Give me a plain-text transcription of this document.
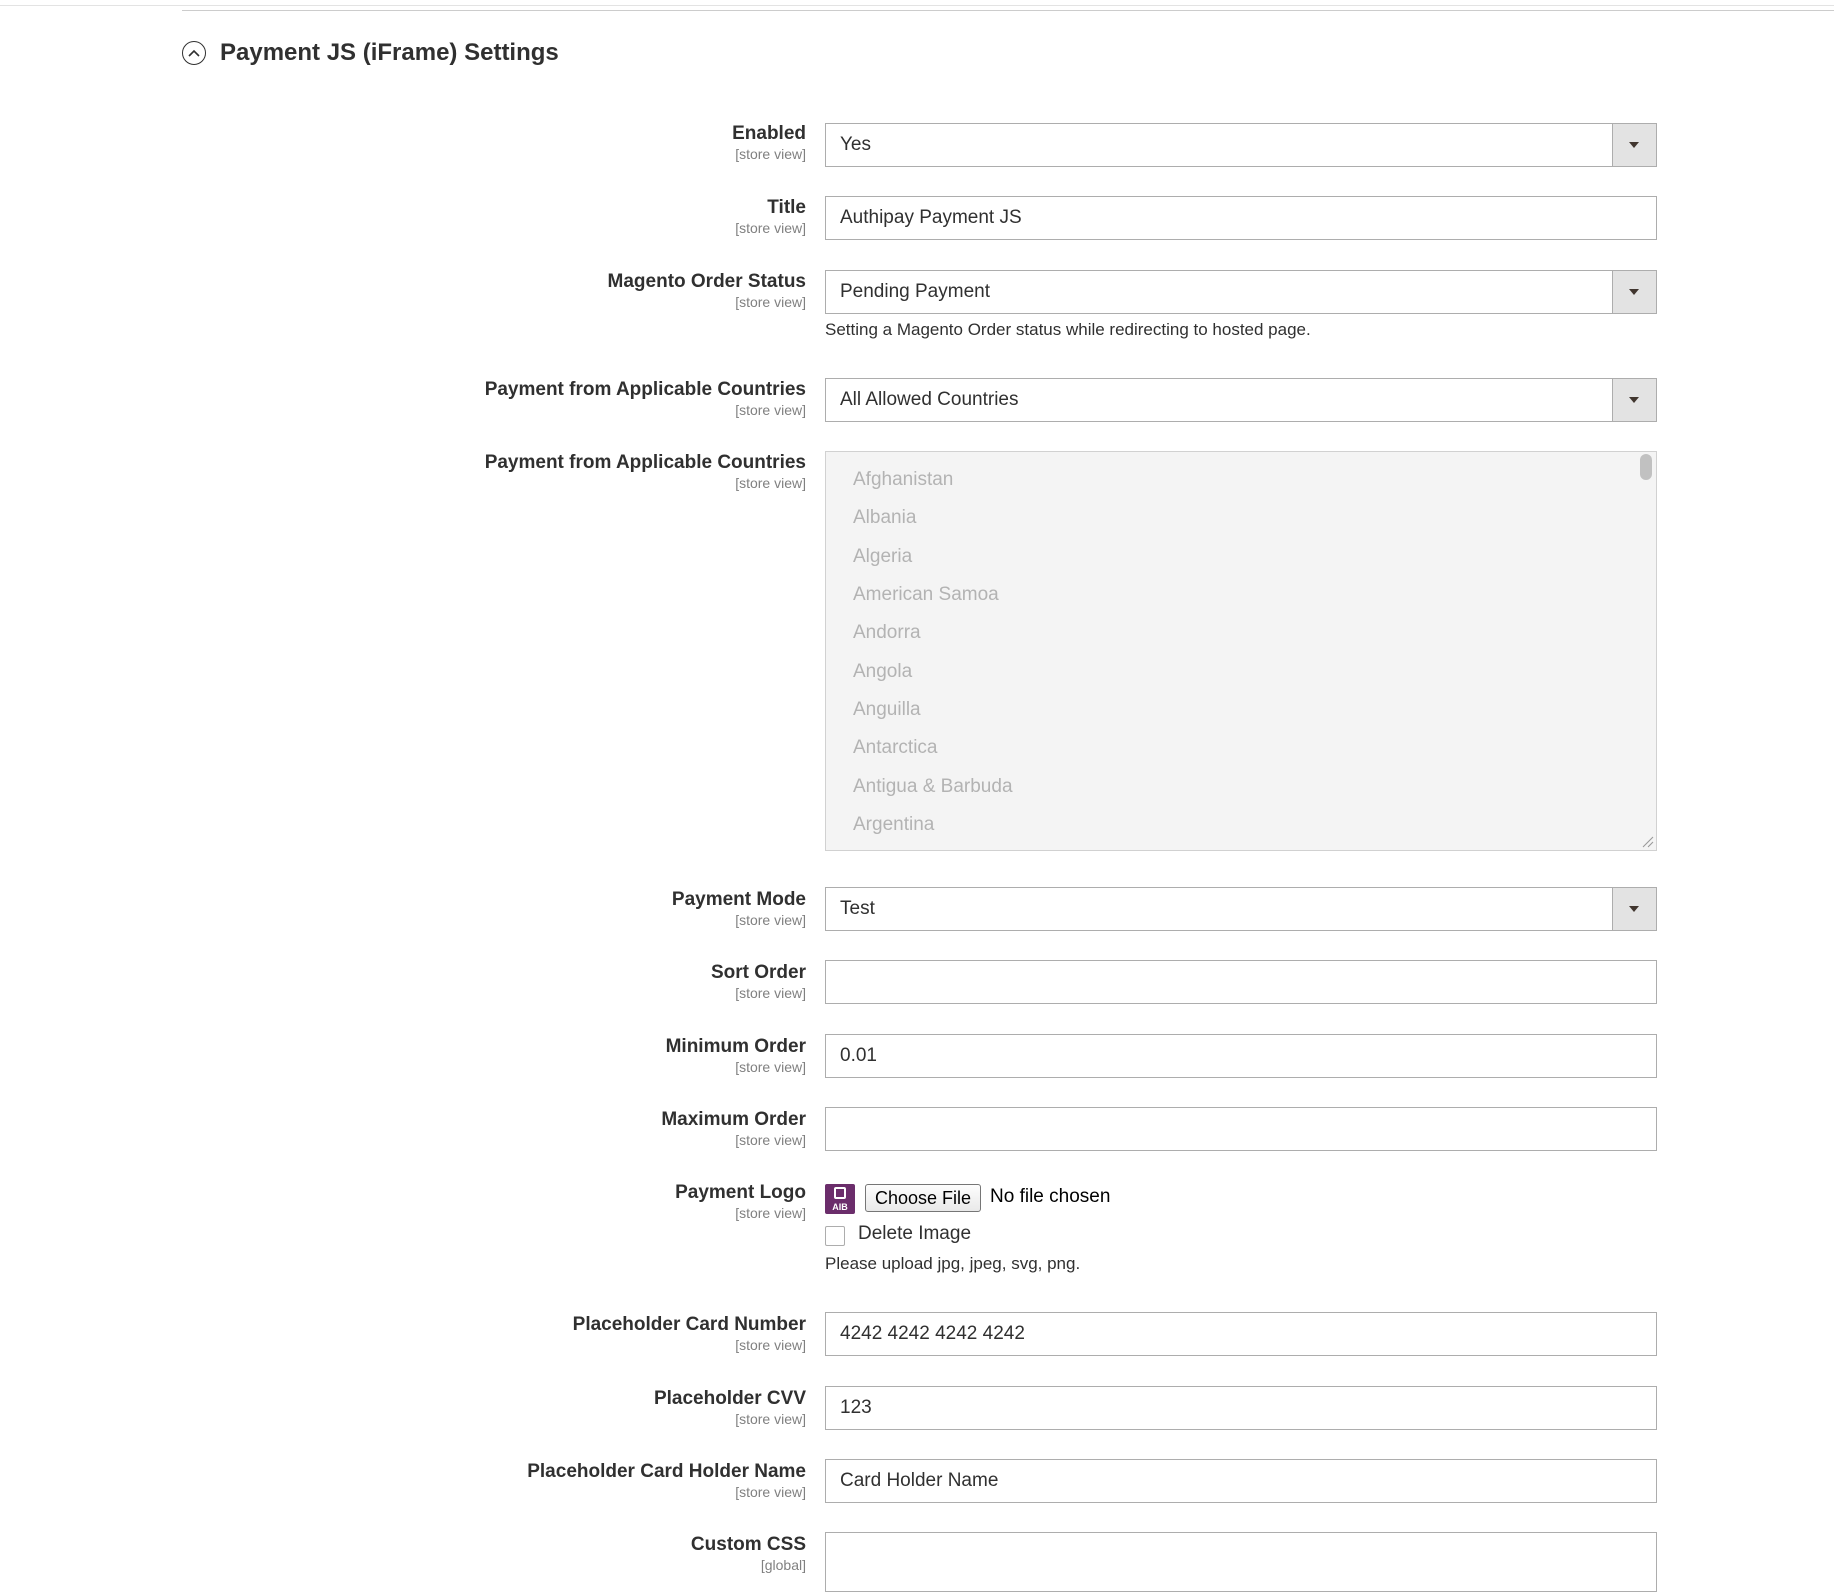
Payment JS (iFrame) Settings
Enabled
[store view] Yes
Title
[store view] Authipay Payment JS
Magento Order Status
[store view] Pending Payment
Setting a Magento Order status while redirecting to hosted page.
Payment from Applicable Countries
[store view] All Allowed Countries
Payment from Applicable Countries
[store view] Afghanistan
Albania
Algeria
American Samoa
Andorra
Angola
Anguilla
Antarctica
Antigua & Barbuda
Argentina
Payment Mode
[store view]
Test
Sort Order
[store view]
Minimum Order
[store view]
0.01
Maximum Order
[store view]
Payment Logo
[store view]	AIB	Choose File No file chosen
Delete Image
Please upload jpg, jpeg, svg, png.
Placeholder Card Number
[store view]
4242 4242 4242 4242
Placeholder CVV
[store view]
123
Placeholder Card Holder Name
[store view]
Card Holder Name
Custom CSS
[global]
